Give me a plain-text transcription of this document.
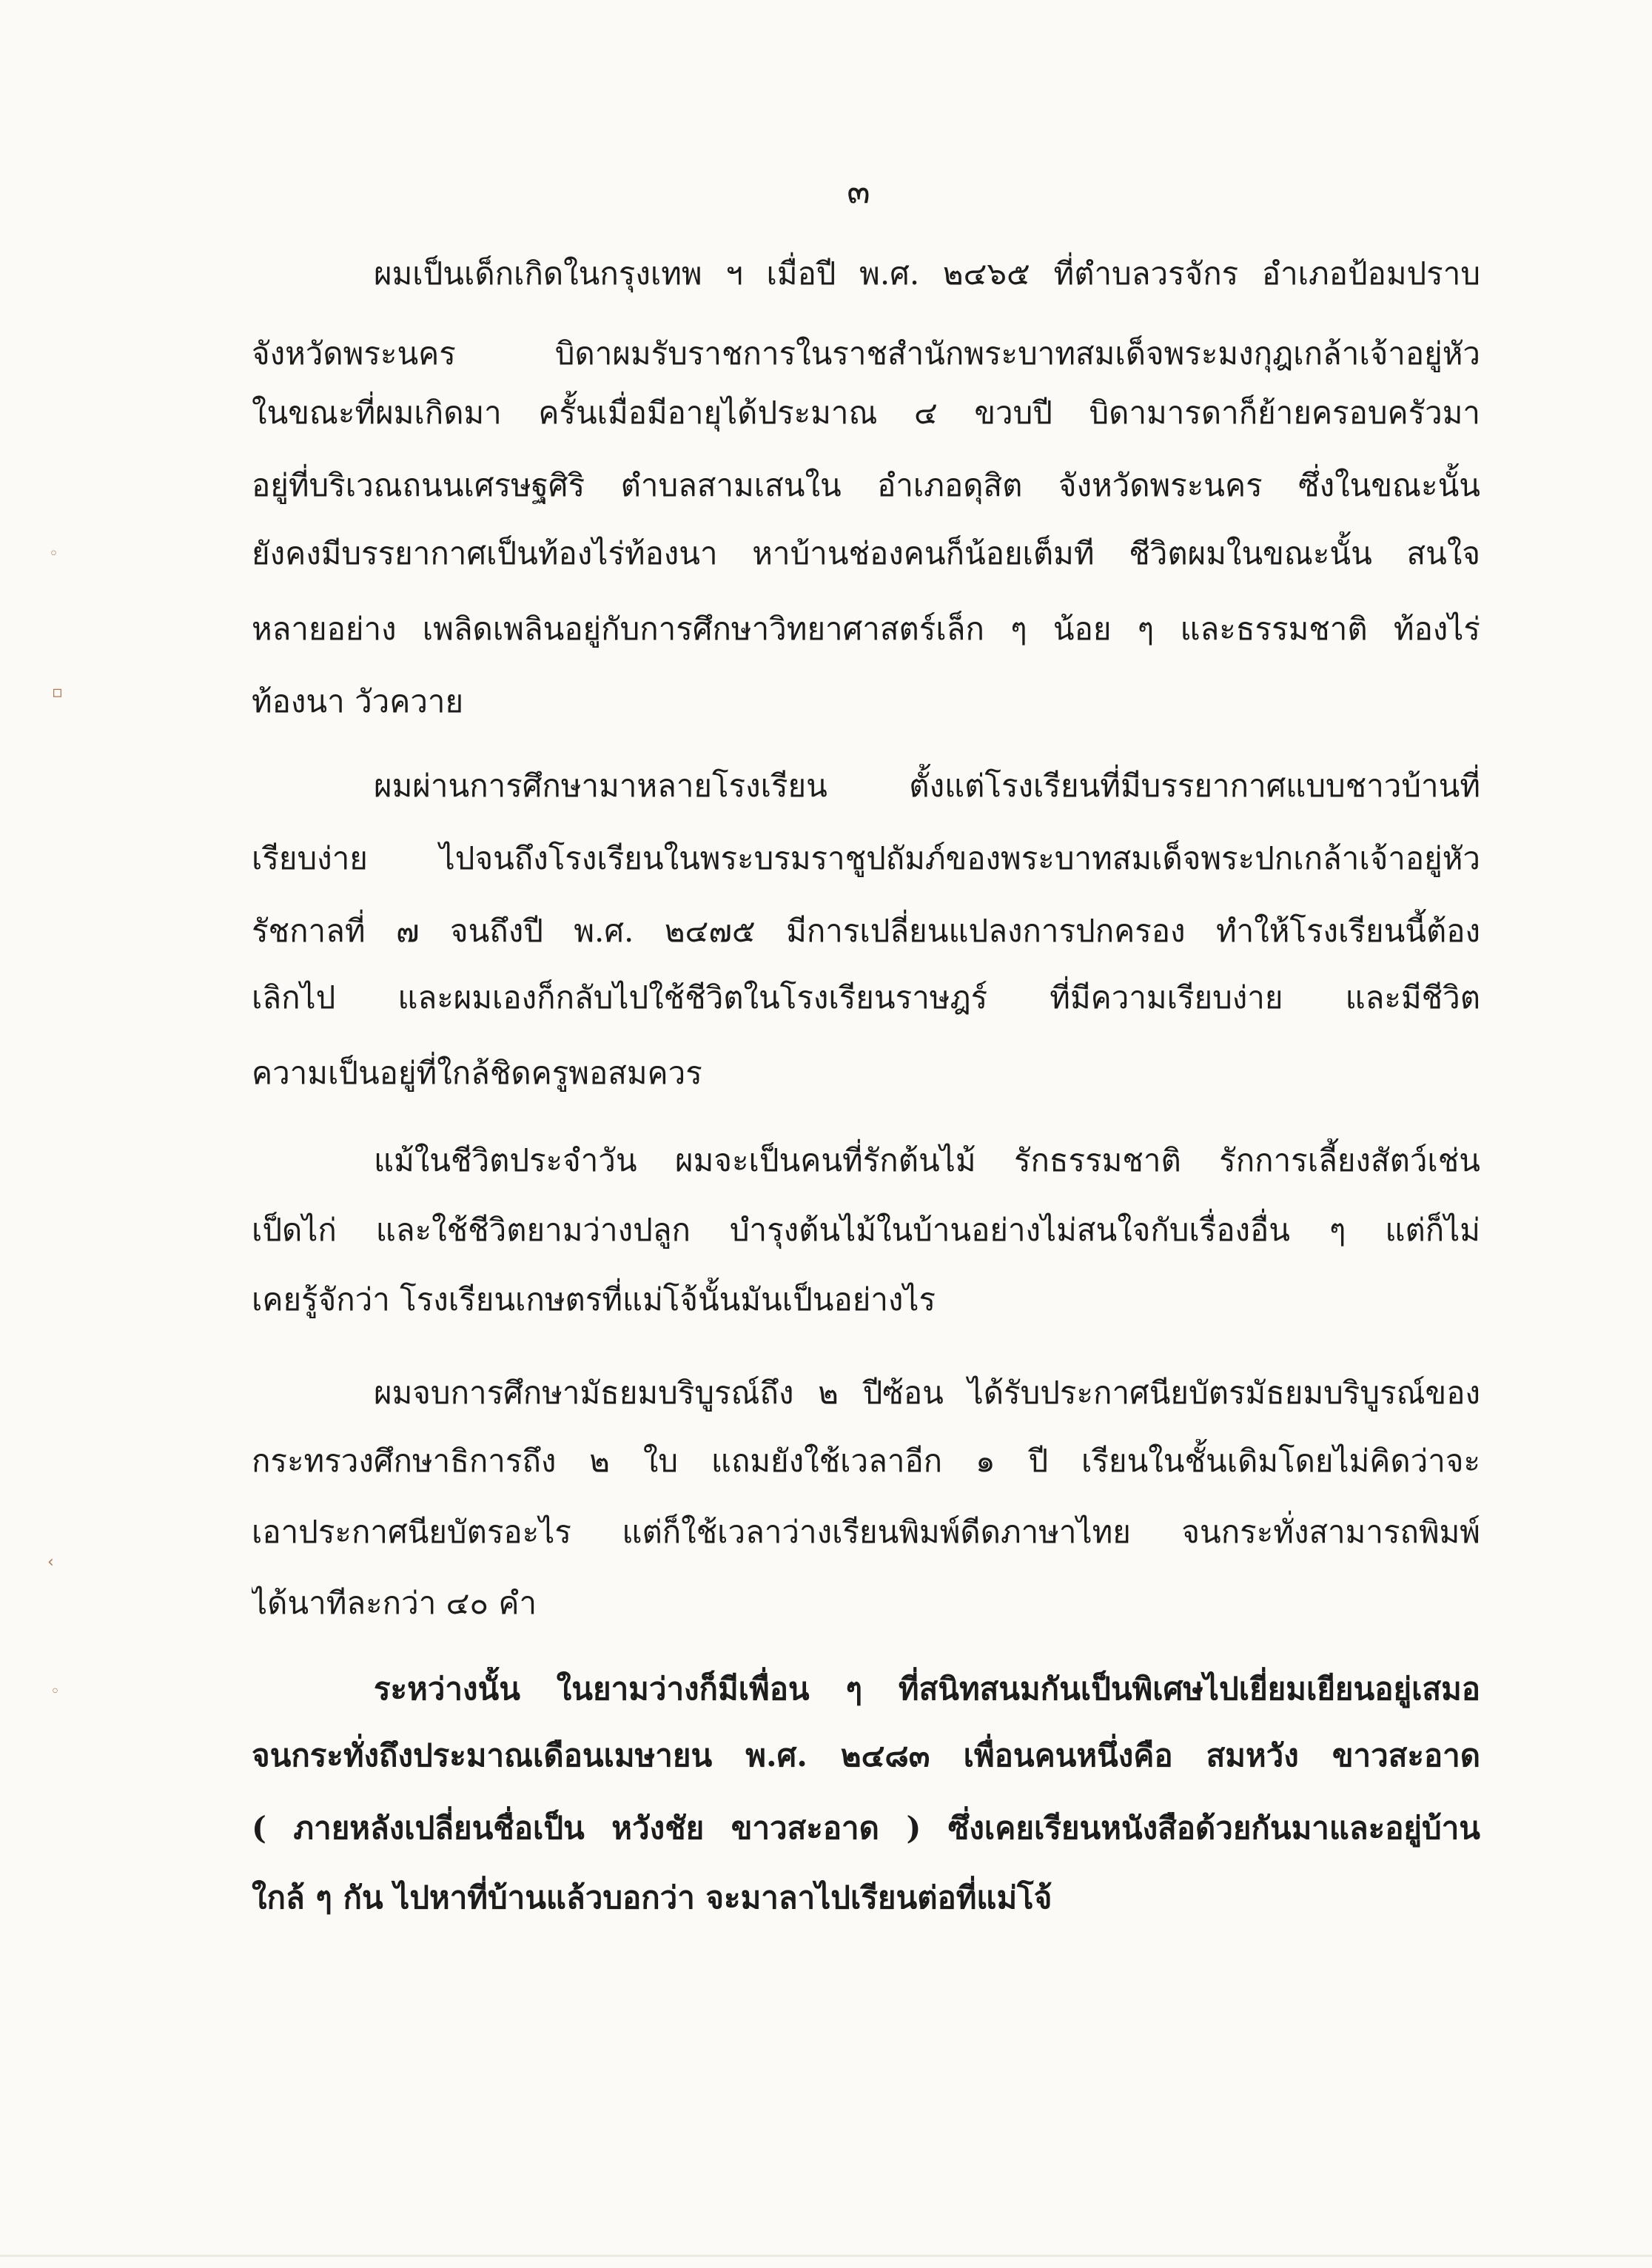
◦
▫
‹
◦
๓
ผมเป็นเด็กเกิดในกรุงเทพ ฯ เมื่อปี พ.ศ. ๒๔๖๕ ที่ตำบลวรจักร อำเภอป้อมปราบ
จังหวัดพระนคร บิดาผมรับราชการในราชสำนักพระบาทสมเด็จพระมงกุฎเกล้าเจ้าอยู่หัว
ในขณะที่ผมเกิดมา ครั้นเมื่อมีอายุได้ประมาณ ๔ ขวบปี บิดามารดาก็ย้ายครอบครัวมา
อยู่ที่บริเวณถนนเศรษฐศิริ ตำบลสามเสนใน อำเภอดุสิต จังหวัดพระนคร ซึ่งในขณะนั้น
ยังคงมีบรรยากาศเป็นท้องไร่ท้องนา หาบ้านช่องคนก็น้อยเต็มที ชีวิตผมในขณะนั้น สนใจ
หลายอย่าง เพลิดเพลินอยู่กับการศึกษาวิทยาศาสตร์เล็ก ๆ น้อย ๆ และธรรมชาติ ท้องไร่
ท้องนา วัวควาย
ผมผ่านการศึกษามาหลายโรงเรียน ตั้งแต่โรงเรียนที่มีบรรยากาศแบบชาวบ้านที่
เรียบง่าย ไปจนถึงโรงเรียนในพระบรมราชูปถัมภ์ของพระบาทสมเด็จพระปกเกล้าเจ้าอยู่หัว
รัชกาลที่ ๗ จนถึงปี พ.ศ. ๒๔๗๕ มีการเปลี่ยนแปลงการปกครอง ทำให้โรงเรียนนี้ต้อง
เลิกไป และผมเองก็กลับไปใช้ชีวิตในโรงเรียนราษฎร์ ที่มีความเรียบง่าย และมีชีวิต
ความเป็นอยู่ที่ใกล้ชิดครูพอสมควร
แม้ในชีวิตประจำวัน ผมจะเป็นคนที่รักต้นไม้ รักธรรมชาติ รักการเลี้ยงสัตว์เช่น
เป็ดไก่ และใช้ชีวิตยามว่างปลูก บำรุงต้นไม้ในบ้านอย่างไม่สนใจกับเรื่องอื่น ๆ แต่ก็ไม่
เคยรู้จักว่า โรงเรียนเกษตรที่แม่โจ้นั้นมันเป็นอย่างไร
ผมจบการศึกษามัธยมบริบูรณ์ถึง ๒ ปีซ้อน ได้รับประกาศนียบัตรมัธยมบริบูรณ์ของ
กระทรวงศึกษาธิการถึง ๒ ใบ แถมยังใช้เวลาอีก ๑ ปี เรียนในชั้นเดิมโดยไม่คิดว่าจะ
เอาประกาศนียบัตรอะไร แต่ก็ใช้เวลาว่างเรียนพิมพ์ดีดภาษาไทย จนกระทั่งสามารถพิมพ์
ได้นาทีละกว่า ๔๐ คำ
ระหว่างนั้น ในยามว่างก็มีเพื่อน ๆ ที่สนิทสนมกันเป็นพิเศษไปเยี่ยมเยียนอยู่เสมอ
จนกระทั่งถึงประมาณเดือนเมษายน พ.ศ. ๒๔๘๓ เพื่อนคนหนึ่งคือ สมหวัง ขาวสะอาด
( ภายหลังเปลี่ยนชื่อเป็น หวังชัย ขาวสะอาด ) ซึ่งเคยเรียนหนังสือด้วยกันมาและอยู่บ้าน
ใกล้ ๆ กัน ไปหาที่บ้านแล้วบอกว่า จะมาลาไปเรียนต่อที่แม่โจ้
